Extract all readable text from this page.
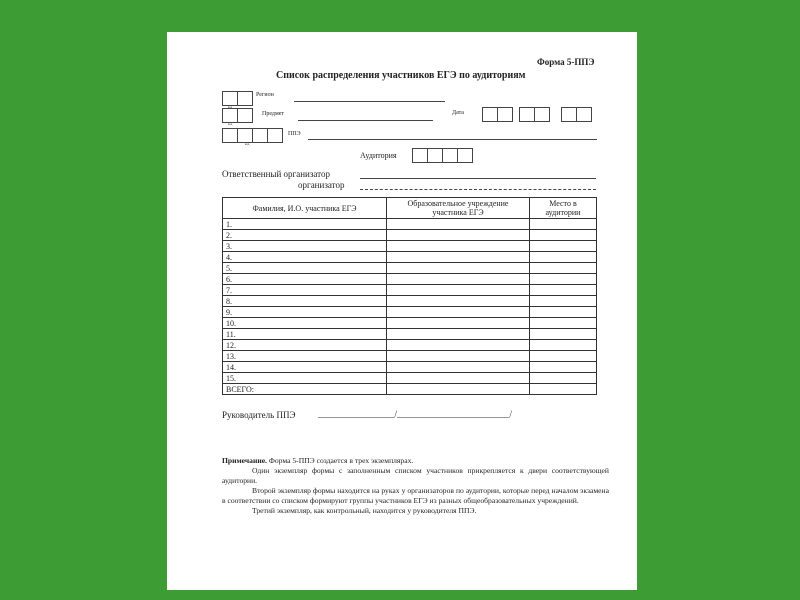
Форма 5-ППЭ
Список распределения участников ЕГЭ по аудиториям
код
Регион
код
Предмет	Дата
код
ППЭ
Аудитория
Ответственный организатор
организатор
Фамилия, И.О. участника ЕГЭ	Образовательное учреждение участника ЕГЭ	Место в аудитории
1.		
2.		
3.		
4.		
5.		
6.		
7.		
8.		
9.		
10.		
11.		
12.		
13.		
14.		
15.		
ВСЕГО:		
Руководитель ППЭ	_________________/_________________________/

Примечание. Форма 5-ППЭ создается в трех экземплярах.

Один экземпляр формы с заполненным списком участников прикрепляется к двери соответствующей аудитории.

Второй экземпляр формы находится на руках у организаторов по аудитории, которые перед началом экзамена в соответствии со списком формируют группы участников ЕГЭ из разных общеобразовательных учреждений.

Третий экземпляр, как контрольный, находится у руководителя ППЭ.
